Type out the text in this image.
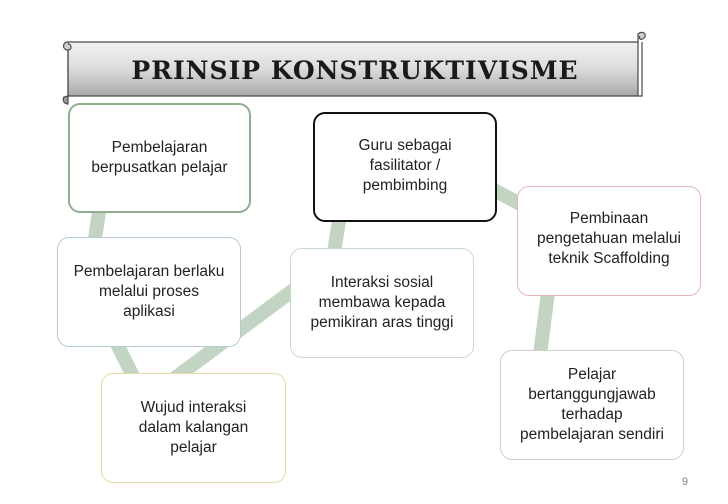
PRINSIP KONSTRUKTIVISME
Pembelajaran
berpusatkan pelajar
Pembelajaran berlaku
melalui proses
aplikasi
Wujud interaksi
dalam kalangan
pelajar
Guru sebagai
fasilitator /
pembimbing
Interaksi sosial
membawa kepada
pemikiran aras tinggi
Pembinaan
pengetahuan melalui
teknik Scaffolding
Pelajar
bertanggungjawab
terhadap
pembelajaran sendiri
9
